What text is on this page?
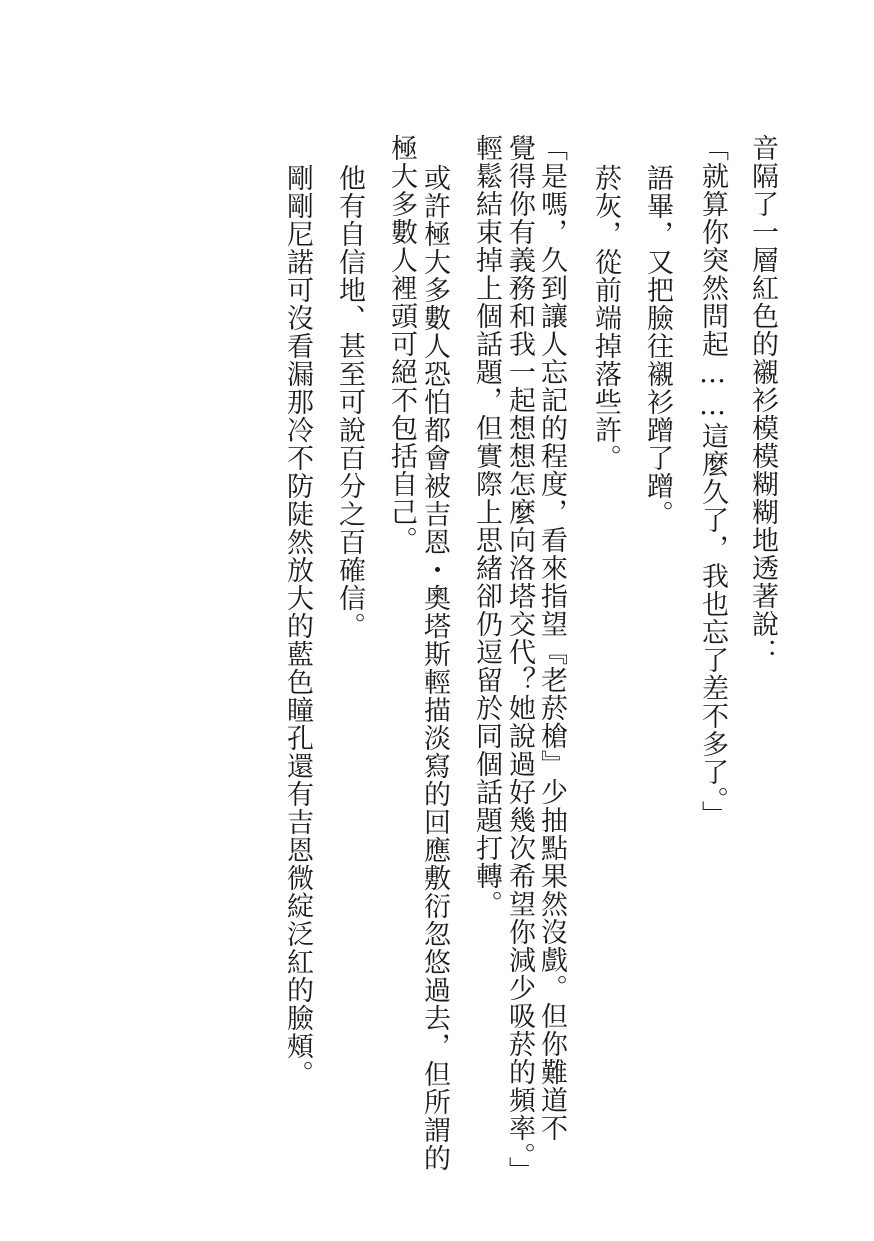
音隔了一層紅色的襯衫模模糊糊地透著說：
「就算你突然問起……這麼久了，我也忘了差不多了。」
語畢，又把臉往襯衫蹭了蹭。
菸灰，從前端掉落些許。
「是嗎，久到讓人忘記的程度，看來指望『老菸槍』少抽點果然沒戲。但你難道不
覺得你有義務和我一起想想怎麼向洛塔交代？她說過好幾次希望你減少吸菸的頻率。」
輕鬆結束掉上個話題，但實際上思緒卻仍逗留於同個話題打轉。
或許極大多數人恐怕都會被吉恩・奧塔斯輕描淡寫的回應敷衍忽悠過去，但所謂的
極大多數人裡頭可絕不包括自己。
他有自信地、甚至可說百分之百確信。
剛剛尼諾可沒看漏那冷不防陡然放大的藍色瞳孔還有吉恩微綻泛紅的臉頰。
